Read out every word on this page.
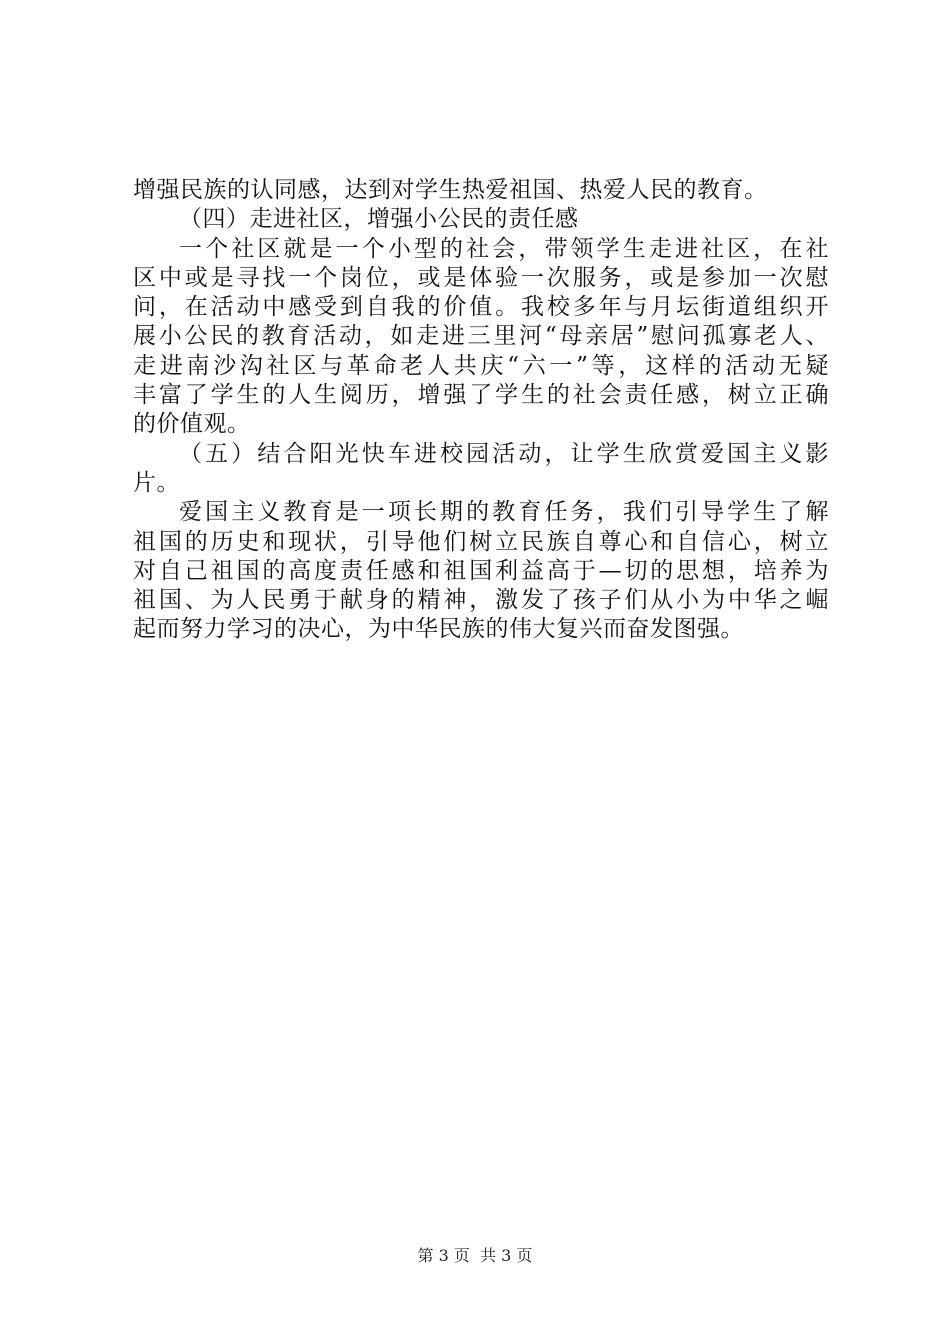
增强民族的认同感，达到对学生热爱祖国、热爱人民的教育。
（四）走进社区，增强小公民的责任感
一个社区就是一个小型的社会，带领学生走进社区，在社
区中或是寻找一个岗位，或是体验一次服务，或是参加一次慰
问，在活动中感受到自我的价值。我校多年与月坛街道组织开
展小公民的教育活动，如走进三里河“母亲居”慰问孤寡老人、
走进南沙沟社区与革命老人共庆“六一”等，这样的活动无疑
丰富了学生的人生阅历，增强了学生的社会责任感，树立正确
的价值观。
（五）结合阳光快车进校园活动，让学生欣赏爱国主义影
片。
爱国主义教育是一项长期的教育任务，我们引导学生了解
祖国的历史和现状，引导他们树立民族自尊心和自信心，树立
对自己祖国的高度责任感和祖国利益高于—切的思想，培养为
祖国、为人民勇于献身的精神，激发了孩子们从小为中华之崛
起而努力学习的决心，为中华民族的伟大复兴而奋发图强。
第 3 页  共 3 页
